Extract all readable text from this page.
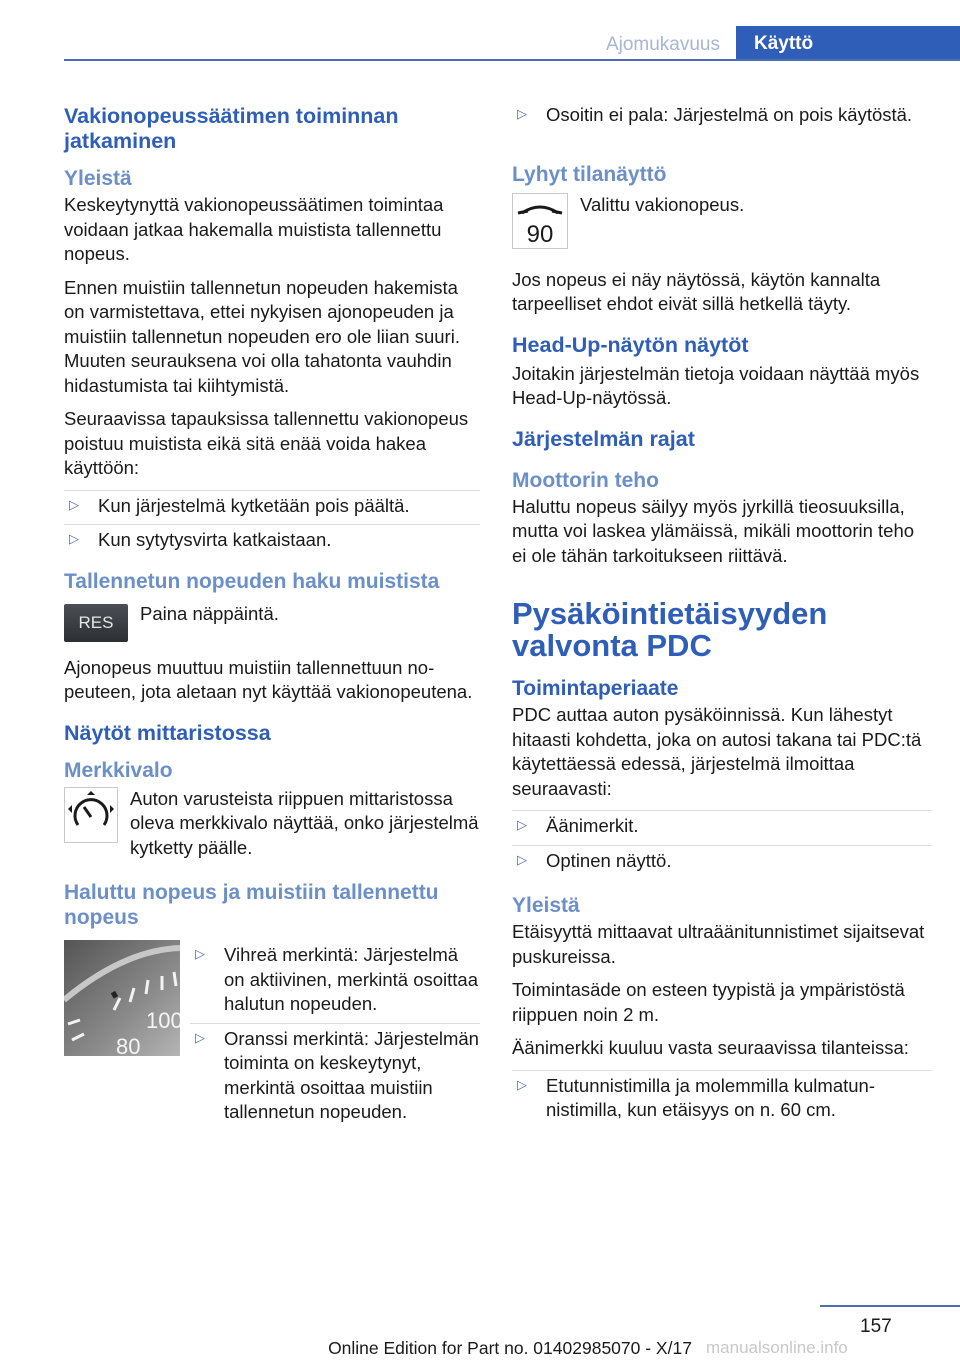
Ajomukavuus	Käyttö
Vakionopeussäätimen toiminnan jatkaminen
Yleistä
Keskeytynyttä vakionopeussäätimen toimintaa voidaan jatkaa hakemalla muistista tallennettu nopeus.
Ennen muistiin tallennetun nopeuden hakemista on varmistettava, ettei nykyisen ajonopeuden ja muistiin tallennetun nopeuden ero ole liian suuri. Muuten seurauksena voi olla tahatonta vauhdin hidastumista tai kiihtymistä.
Seuraavissa tapauksissa tallennettu vakionopeus poistuu muistista eikä sitä enää voida hakea käyttöön:
▷ Kun järjestelmä kytketään pois päältä.
▷ Kun sytytysvirta katkaistaan.
Tallennetun nopeuden haku muistista
RES	Paina näppäintä.
Ajonopeus muuttuu muistiin tallennettuun nopeuteen, jota aletaan nyt käyttää vakionopeutena.
Näytöt mittaristossa
Merkkivalo
Auton varusteista riippuen mittaristossa oleva merkkivalo näyttää, onko järjestelmä kytketty päälle.
Haluttu nopeus ja muistiin tallennettu nopeus
100
80
▷ Vihreä merkintä: Järjestelmä on aktiivinen, merkintä osoittaa halutun nopeuden.
▷ Oranssi merkintä: Järjestelmän toiminta on keskeytynyt, merkintä osoittaa muistiin tallennetun nopeuden.
▷ Osoitin ei pala: Järjestelmä on pois käytöstä.
Lyhyt tilanäyttö
90
Valittu vakionopeus.
Jos nopeus ei näy näytössä, käytön kannalta tarpeelliset ehdot eivät sillä hetkellä täyty.
Head-Up-näytön näytöt
Joitakin järjestelmän tietoja voidaan näyttää myös Head-Up-näytössä.
Järjestelmän rajat
Moottorin teho
Haluttu nopeus säilyy myös jyrkillä tieosuuksilla, mutta voi laskea ylämäissä, mikäli moottorin teho ei ole tähän tarkoitukseen riittävä.
Pysäköintietäisyyden valvonta PDC
Toimintaperiaate
PDC auttaa auton pysäköinnissä. Kun lähestyt hitaasti kohdetta, joka on autosi takana tai PDC:tä käytettäessä edessä, järjestelmä ilmoittaa seuraavasti:
▷ Äänimerkit.
▷ Optinen näyttö.
Yleistä
Etäisyyttä mittaavat ultraäänitunnistimet sijaitsevat puskureissa.
Toimintasäde on esteen tyypistä ja ympäristöstä riippuen noin 2 m.
Äänimerkki kuuluu vasta seuraavissa tilanteissa:
▷ Etutunnistimilla ja molemmilla kulmatunnistimilla, kun etäisyys on n. 60 cm.
157
Online Edition for Part no. 01402985070 - X/17 manualsonline.info
